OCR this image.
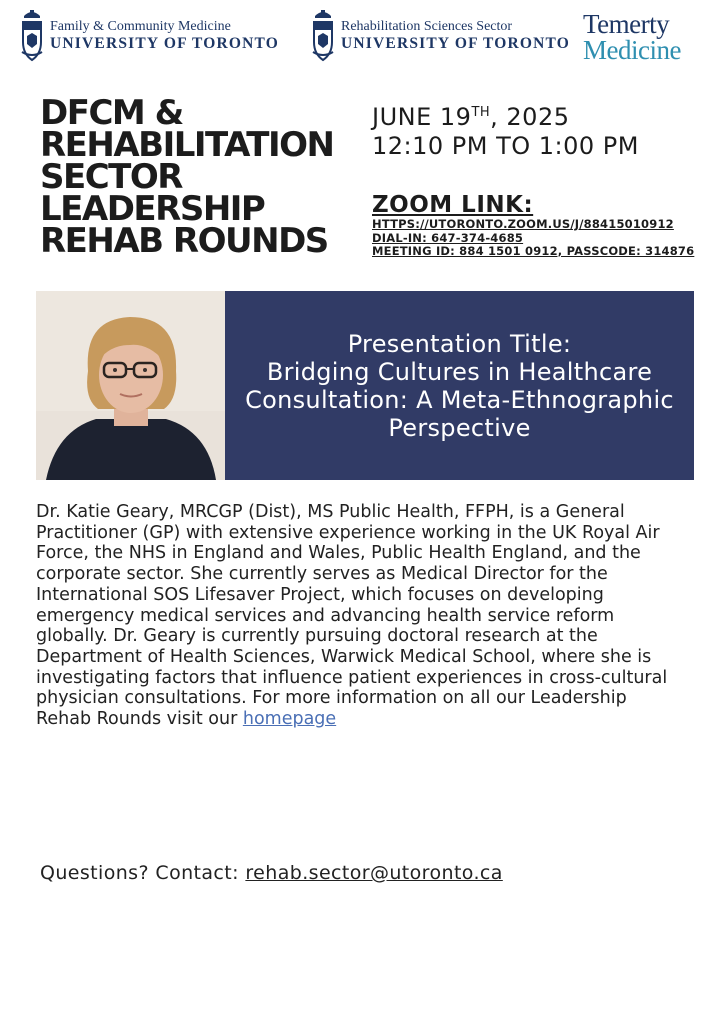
Family & Community Medicine
UNIVERSITY OF TORONTO
Rehabilitation Sciences Sector
UNIVERSITY OF TORONTO
Temerty
Medicine
DFCM &
REHABILITATION
SECTOR
LEADERSHIP
REHAB ROUNDS
JUNE 19TH, 2025
12:10 PM TO 1:00 PM
ZOOM LINK:
HTTPS://UTORONTO.ZOOM.US/J/88415010912
DIAL-IN: 647-374-4685
MEETING ID: 884 1501 0912, PASSCODE: 314876
Presentation Title:
Bridging Cultures in Healthcare Consultation: A Meta-Ethnographic Perspective

Dr. Katie Geary, MRCGP (Dist), MS Public Health, FFPH, is a General Practitioner (GP) with extensive experience working in the UK Royal Air Force, the NHS in England and Wales, Public Health England, and the corporate sector. She currently serves as Medical Director for the International SOS Lifesaver Project, which focuses on developing emergency medical services and advancing health service reform globally. Dr. Geary is currently pursuing doctoral research at the Department of Health Sciences, Warwick Medical School, where she is investigating factors that influence patient experiences in cross-cultural physician consultations. For more information on all our Leadership Rehab Rounds visit our homepage

Questions? Contact: rehab.sector@utoronto.ca
